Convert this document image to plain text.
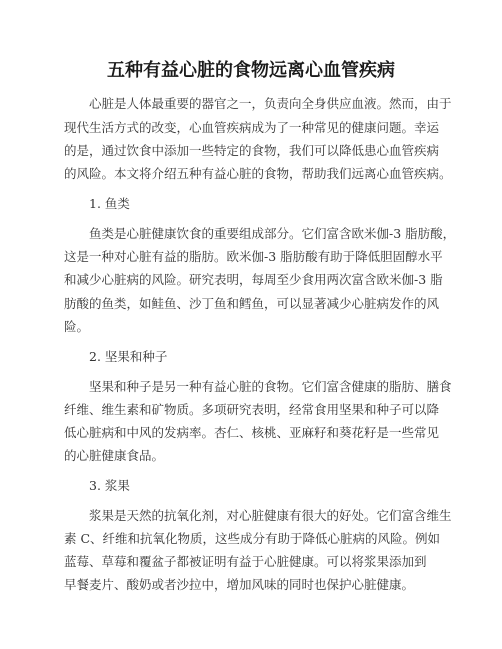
五种有益心脏的食物远离心血管疾病
心脏是人体最重要的器官之一，负责向全身供应血液。然而，由于
现代生活方式的改变，心血管疾病成为了一种常见的健康问题。幸运
的是，通过饮食中添加一些特定的食物，我们可以降低患心血管疾病
的风险。本文将介绍五种有益心脏的食物，帮助我们远离心血管疾病。
1. 鱼类
鱼类是心脏健康饮食的重要组成部分。它们富含欧米伽-3 脂肪酸，
这是一种对心脏有益的脂肪。欧米伽-3 脂肪酸有助于降低胆固醇水平
和减少心脏病的风险。研究表明，每周至少食用两次富含欧米伽-3 脂
肪酸的鱼类，如鲑鱼、沙丁鱼和鳕鱼，可以显著减少心脏病发作的风
险。
2. 坚果和种子
坚果和种子是另一种有益心脏的食物。它们富含健康的脂肪、膳食
纤维、维生素和矿物质。多项研究表明，经常食用坚果和种子可以降
低心脏病和中风的发病率。杏仁、核桃、亚麻籽和葵花籽是一些常见
的心脏健康食品。
3. 浆果
浆果是天然的抗氧化剂，对心脏健康有很大的好处。它们富含维生
素 C、纤维和抗氧化物质，这些成分有助于降低心脏病的风险。例如
蓝莓、草莓和覆盆子都被证明有益于心脏健康。可以将浆果添加到
早餐麦片、酸奶或者沙拉中，增加风味的同时也保护心脏健康。
